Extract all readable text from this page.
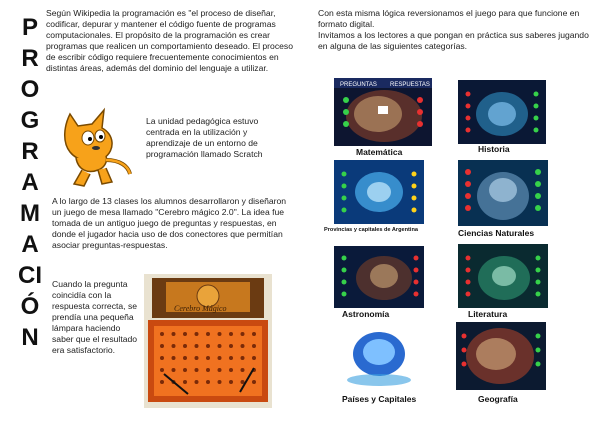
P
R
O
G
R
A
M
A
CI
Ó
N

Según Wikipedia la programación es "el proceso de diseñar, codificar, depurar y mantener el código fuente de programas computacionales. El propósito de la programación es crear programas que realicen un comportamiento deseado. El proceso de escribir código requiere frecuentemente conocimientos en distintas áreas, además del dominio del lenguaje a utilizar.

La unidad pedagógica estuvo centrada en la utilización y aprendizaje de un entorno de programación llamado Scratch

A lo largo de 13 clases los alumnos desarrollaron y diseñaron un juego de mesa llamado "Cerebro mágico 2.0". La idea fue tomada de un antiguo juego de preguntas y respuestas, en donde el jugador hacia uso de dos conectores que permitían asociar preguntas-respuestas.

Cuando la pregunta coincidía con la respuesta correcta, se prendía una pequeña lámpara haciendo saber que el resultado era satisfactorio.

Cerebro Mágico

Con esta misma lógica reversionamos el juego para que funcione en formato digital.
Invitamos a los lectores a que pongan en práctica sus saberes jugando en alguna de las siguientes categorías.

PREGUNTAS RESPUESTAS
Matemática	Historia
Provincias y capitales de Argentina	Ciencias Naturales
Astronomía	Literatura
Países y Capitales	Geografía
